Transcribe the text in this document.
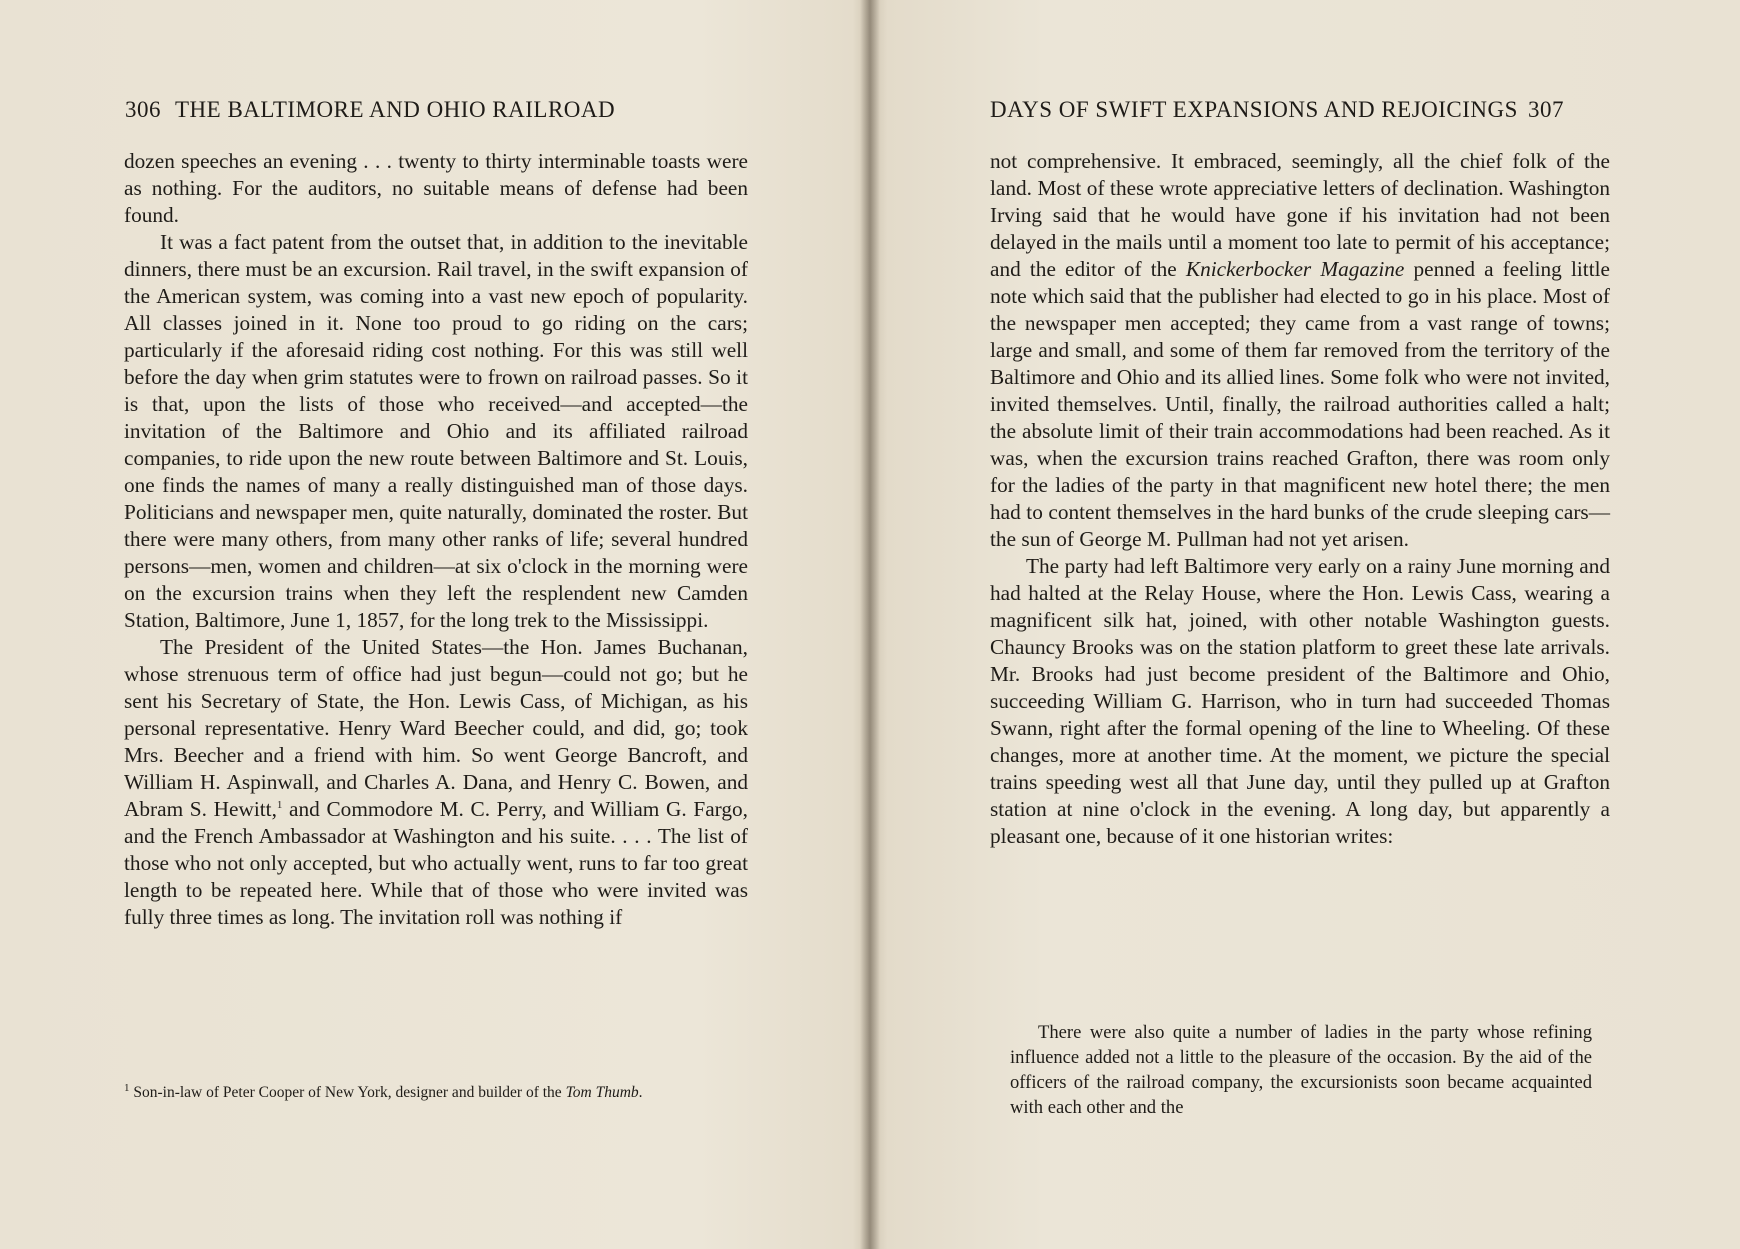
306 THE BALTIMORE AND OHIO RAILROAD

dozen speeches an evening . . . twenty to thirty interminable toasts were as nothing. For the auditors, no suitable means of defense had been found.

It was a fact patent from the outset that, in addition to the inevitable dinners, there must be an excursion. Rail travel, in the swift expansion of the American system, was coming into a vast new epoch of popularity. All classes joined in it. None too proud to go riding on the cars; particularly if the aforesaid riding cost nothing. For this was still well before the day when grim statutes were to frown on railroad passes. So it is that, upon the lists of those who received—and accepted—the invitation of the Baltimore and Ohio and its affiliated railroad companies, to ride upon the new route between Baltimore and St. Louis, one finds the names of many a really distinguished man of those days. Politicians and newspaper men, quite naturally, dominated the roster. But there were many others, from many other ranks of life; several hundred persons—men, women and children—at six o'clock in the morning were on the excursion trains when they left the resplendent new Camden Station, Baltimore, June 1, 1857, for the long trek to the Mississippi.

The President of the United States—the Hon. James Buchanan, whose strenuous term of office had just begun—could not go; but he sent his Secretary of State, the Hon. Lewis Cass, of Michigan, as his personal representative. Henry Ward Beecher could, and did, go; took Mrs. Beecher and a friend with him. So went George Bancroft, and William H. Aspinwall, and Charles A. Dana, and Henry C. Bowen, and Abram S. Hewitt,$^1$ and Commodore M. C. Perry, and William G. Fargo, and the French Ambassador at Washington and his suite. . . . The list of those who not only accepted, but who actually went, runs to far too great length to be repeated here. While that of those who were invited was fully three times as long. The invitation roll was nothing if

$^1$ Son-in-law of Peter Cooper of New York, designer and builder of the Tom Thumb.
DAYS OF SWIFT EXPANSIONS AND REJOICINGS 307

not comprehensive. It embraced, seemingly, all the chief folk of the land. Most of these wrote appreciative letters of declination. Washington Irving said that he would have gone if his invitation had not been delayed in the mails until a moment too late to permit of his acceptance; and the editor of the Knickerbocker Magazine penned a feeling little note which said that the publisher had elected to go in his place. Most of the newspaper men accepted; they came from a vast range of towns; large and small, and some of them far removed from the territory of the Baltimore and Ohio and its allied lines. Some folk who were not invited, invited themselves. Until, finally, the railroad authorities called a halt; the absolute limit of their train accommodations had been reached. As it was, when the excursion trains reached Grafton, there was room only for the ladies of the party in that magnificent new hotel there; the men had to content themselves in the hard bunks of the crude sleeping cars—the sun of George M. Pullman had not yet arisen.

The party had left Baltimore very early on a rainy June morning and had halted at the Relay House, where the Hon. Lewis Cass, wearing a magnificent silk hat, joined, with other notable Washington guests. Chauncy Brooks was on the station platform to greet these late arrivals. Mr. Brooks had just become president of the Baltimore and Ohio, succeeding William G. Harrison, who in turn had succeeded Thomas Swann, right after the formal opening of the line to Wheeling. Of these changes, more at another time. At the moment, we picture the special trains speeding west all that June day, until they pulled up at Grafton station at nine o'clock in the evening. A long day, but apparently a pleasant one, because of it one historian writes:

There were also quite a number of ladies in the party whose refining influence added not a little to the pleasure of the occasion. By the aid of the officers of the railroad company, the excursionists soon became acquainted with each other and the
